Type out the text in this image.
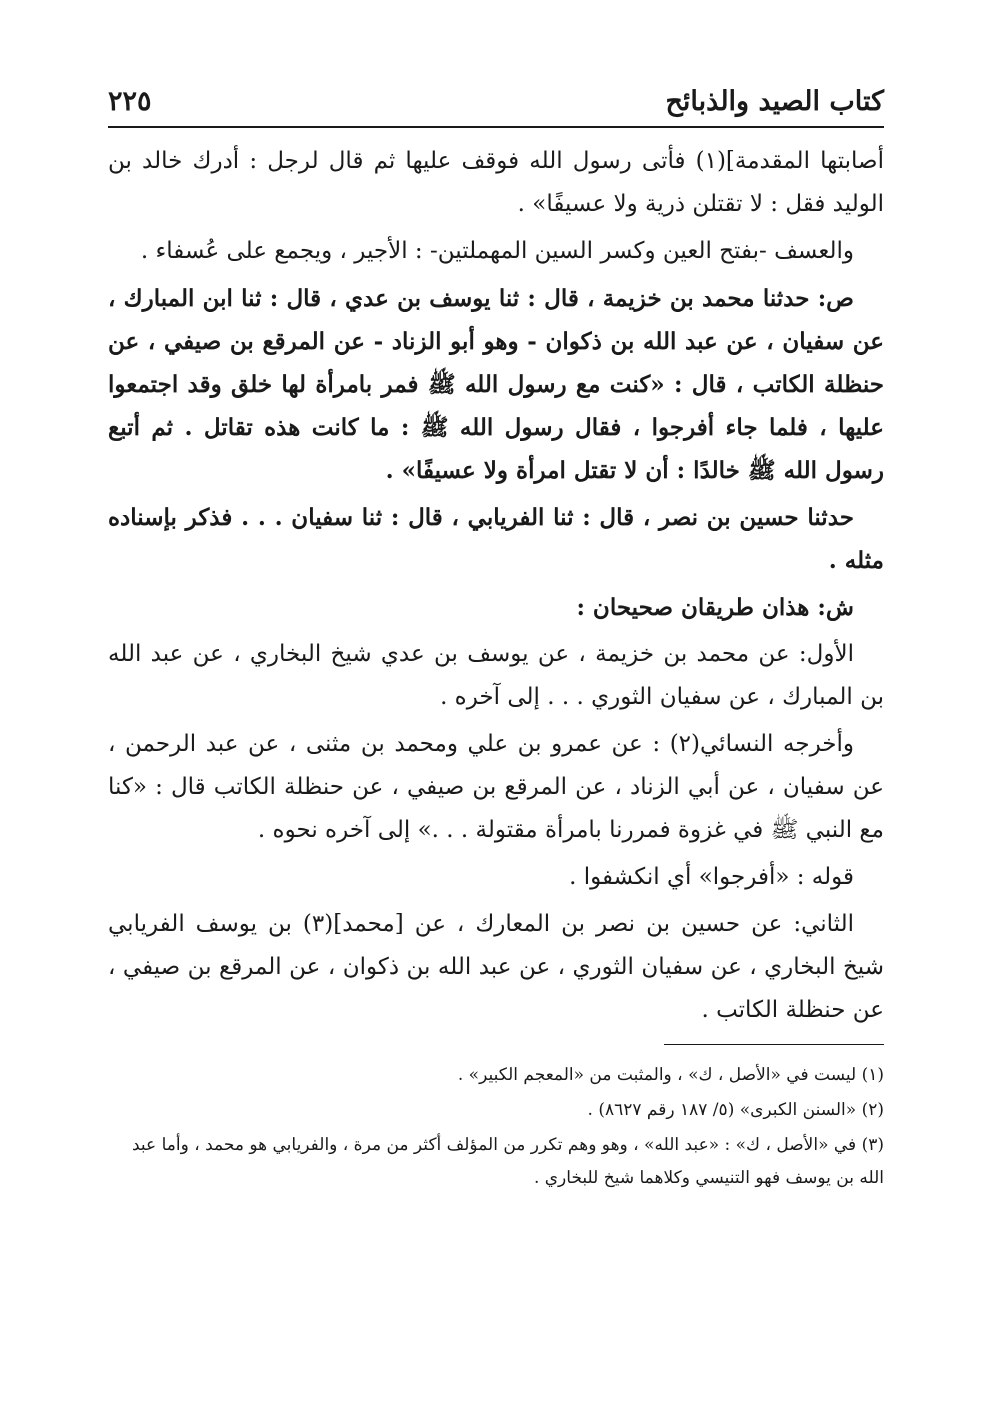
كتاب الصيد والذبائح
٢٢٥

أصابتها المقدمة](١) فأتى رسول الله فوقف عليها ثم قال لرجل : أدرك خالد بن الوليد فقل : لا تقتلن ذرية ولا عسيفًا» .

والعسف -بفتح العين وكسر السين المهملتين- : الأجير ، ويجمع على عُسفاء .

ص: حدثنا محمد بن خزيمة ، قال : ثنا يوسف بن عدي ، قال : ثنا ابن المبارك ، عن سفيان ، عن عبد الله بن ذكوان - وهو أبو الزناد - عن المرقع بن صيفي ، عن حنظلة الكاتب ، قال : «كنت مع رسول الله ﷺ فمر بامرأة لها خلق وقد اجتمعوا عليها ، فلما جاء أفرجوا ، فقال رسول الله ﷺ : ما كانت هذه تقاتل . ثم أتبع رسول الله ﷺ خالدًا : أن لا تقتل امرأة ولا عسيفًا» .

حدثنا حسين بن نصر ، قال : ثنا الفريابي ، قال : ثنا سفيان . . . فذكر بإسناده مثله .

ش: هذان طريقان صحيحان :

الأول: عن محمد بن خزيمة ، عن يوسف بن عدي شيخ البخاري ، عن عبد الله بن المبارك ، عن سفيان الثوري . . . إلى آخره .

وأخرجه النسائي(٢) : عن عمرو بن علي ومحمد بن مثنى ، عن عبد الرحمن ، عن سفيان ، عن أبي الزناد ، عن المرقع بن صيفي ، عن حنظلة الكاتب قال : «كنا مع النبي ﷺ في غزوة فمررنا بامرأة مقتولة . . .» إلى آخره نحوه .

قوله : «أفرجوا» أي انكشفوا .

الثاني: عن حسين بن نصر بن المعارك ، عن [محمد](٣) بن يوسف الفريابي شيخ البخاري ، عن سفيان الثوري ، عن عبد الله بن ذكوان ، عن المرقع بن صيفي ، عن حنظلة الكاتب .

(١) ليست في «الأصل ، ك» ، والمثبت من «المعجم الكبير» .

(٢) «السنن الكبرى» (٥/ ١٨٧ رقم ٨٦٢٧) .

(٣) في «الأصل ، ك» : «عبد الله» ، وهو وهم تكرر من المؤلف أكثر من مرة ، والفريابي هو محمد ، وأما عبد الله بن يوسف فهو التنيسي وكلاهما شيخ للبخاري .
